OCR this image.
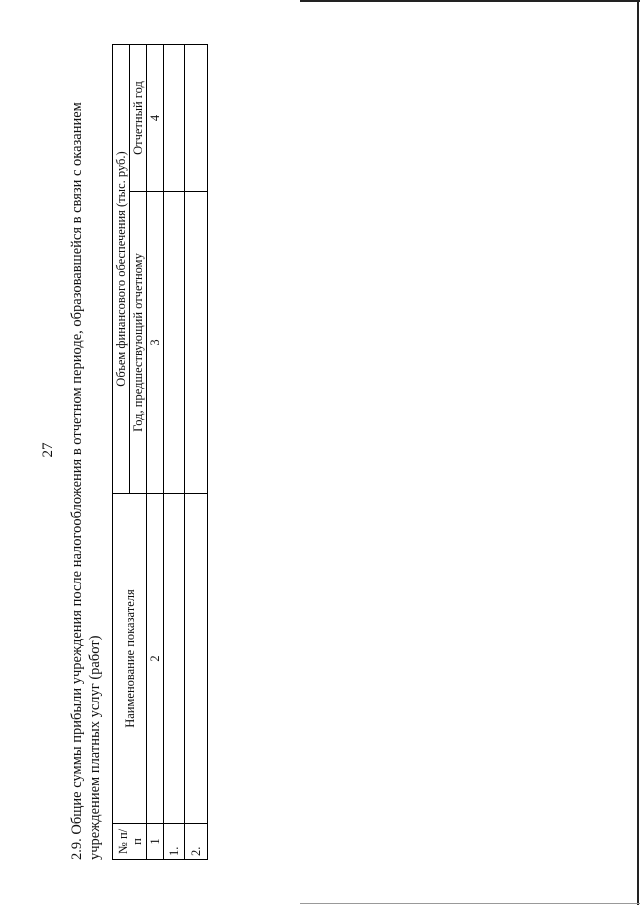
27 2.9. Общие суммы прибыли учреждения после налогообложения в отчетном периоде, образовавшейся в связи с оказанием учреждением платных услуг (работ) № п/п	Наименование показателя	Объем финансового обеспечения (тыс. руб.)	
		Год, предшествующий отчетному	Отчетный год
1	2	3	4
1.			
2.			
